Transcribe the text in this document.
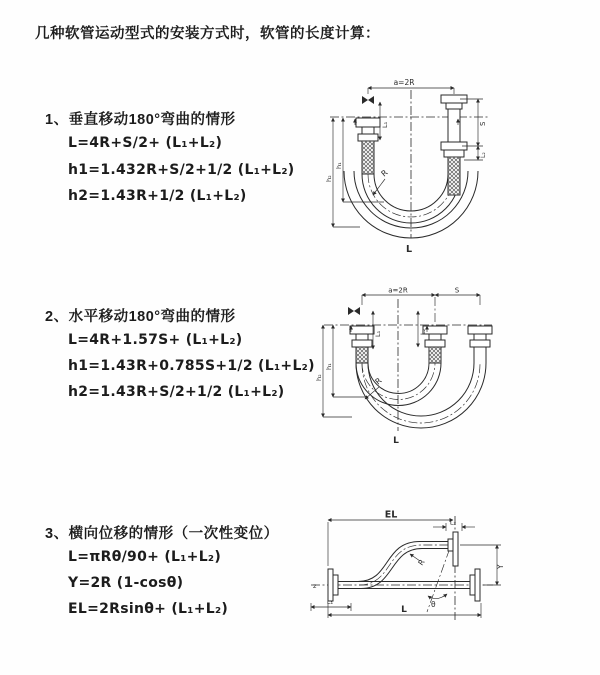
几种软管运动型式的安装方式时，软管的长度计算：
1、垂直移动180°弯曲的情形
L=4R+S/2+ (L₁+L₂)
h1=1.432R+S/2+1/2 (L₁+L₂)
h2=1.43R+1/2 (L₁+L₂)
2、水平移动180°弯曲的情形
L=4R+1.57S+ (L₁+L₂)
h1=1.43R+0.785S+1/2 (L₁+L₂)
h2=1.43R+S/2+1/2 (L₁+L₂)
3、横向位移的情形（一次性变位）
L=πRθ/90+ (L₁+L₂)
Y=2R (1-cosθ)
EL=2Rsinθ+ (L₁+L₂)
a=2R
L₁	S
L₂
h₁
h₂
R
L
a=2R	S
L₁	L₂
h₁
h₂	R
L
EL
L₂
θ
R	Y
z
L₁
L
